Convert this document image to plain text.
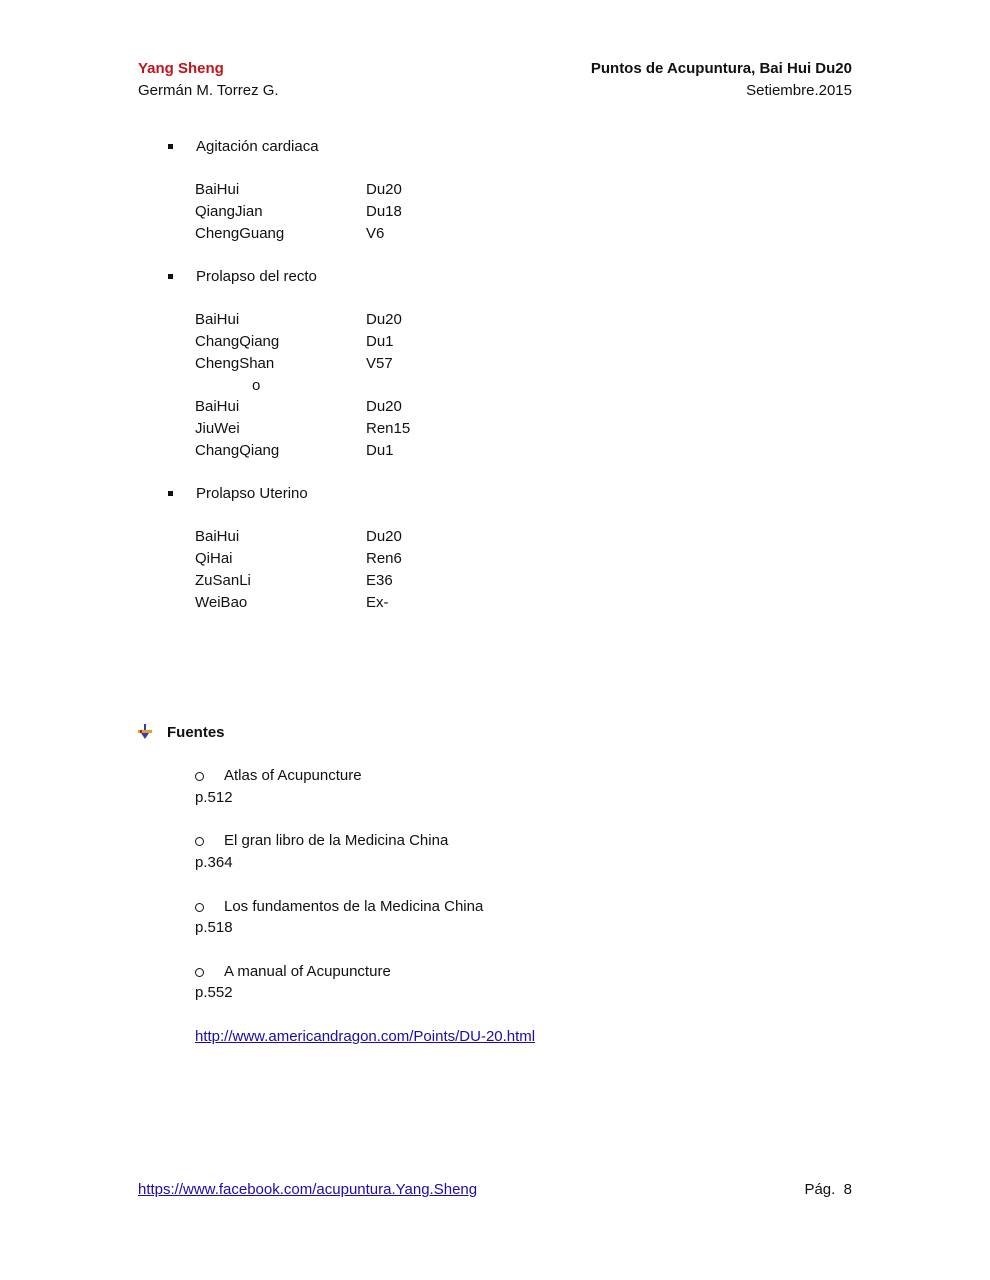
Yang Sheng
Germán M. Torrez G.
Puntos de Acupuntura, Bai Hui Du20
Setiembre.2015
Agitación cardiaca
BaiHui	Du20
QiangJian	Du18
ChengGuang	V6
Prolapso del recto
BaiHui	Du20
ChangQiang	Du1
ChengShan	V57
o
BaiHui	Du20
JiuWei	Ren15
ChangQiang	Du1
Prolapso Uterino
BaiHui	Du20
QiHai	Ren6
ZuSanLi	E36
WeiBao	Ex-
Fuentes
Atlas of Acupuncture
p.512
El gran libro de la Medicina China
p.364
Los fundamentos de la Medicina China
p.518
A manual of Acupuncture
p.552
http://www.americandragon.com/Points/DU-20.html
https://www.facebook.com/acupuntura.Yang.Sheng	Pág.  8
